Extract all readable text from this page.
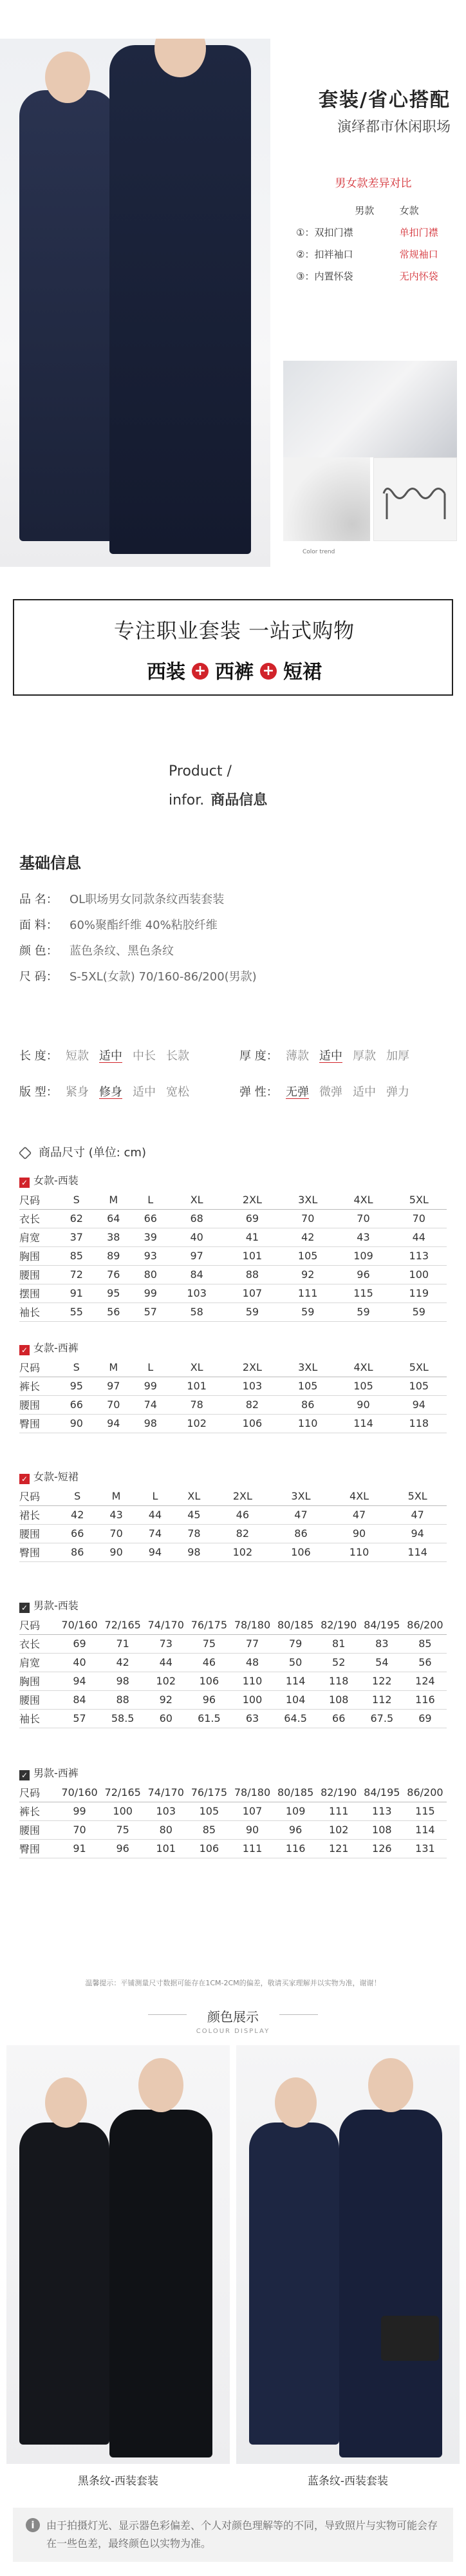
套装/省心搭配
演绎都市休闲职场
男女款差异对比
男款	女款
①：双扣门襟	单扣门襟
②：扣袢袖口	常规袖口
③：内置怀袋	无内怀袋
Color trend
专注职业套装 一站式购物
西装 + 西裤 + 短裙
Product /
infor. 商品信息
基础信息
品 名： OL职场男女同款条纹西装套装
面 料： 60%聚酯纤维 40%粘胶纤维
颜 色： 蓝色条纹、黑色条纹
尺 码： S-5XL(女款) 70/160-86/200(男款)
长 度： 短款 适中 中长 长款	厚 度： 薄款 适中 厚款 加厚
版 型： 紧身 修身 适中 宽松	弹 性： 无弹 微弹 适中 弹力
商品尺寸 (单位: cm)
✓ 女款-西装
尺码	S	M	L	XL	2XL	3XL	4XL	5XL
衣长	62	64	66	68	69	70	70	70
肩宽	37	38	39	40	41	42	43	44
胸围	85	89	93	97	101	105	109	113
腰围	72	76	80	84	88	92	96	100
摆围	91	95	99	103	107	111	115	119
袖长	55	56	57	58	59	59	59	59
✓ 女款-西裤
尺码	S	M	L	XL	2XL	3XL	4XL	5XL
裤长	95	97	99	101	103	105	105	105
腰围	66	70	74	78	82	86	90	94
臀围	90	94	98	102	106	110	114	118
✓ 女款-短裙
尺码	S	M	L	XL	2XL	3XL	4XL	5XL
裙长	42	43	44	45	46	47	47	47
腰围	66	70	74	78	82	86	90	94
臀围	86	90	94	98	102	106	110	114
✓ 男款-西装
尺码	70/160	72/165	74/170	76/175	78/180	80/185	82/190	84/195	86/200
衣长	69	71	73	75	77	79	81	83	85
肩宽	40	42	44	46	48	50	52	54	56
胸围	94	98	102	106	110	114	118	122	124
腰围	84	88	92	96	100	104	108	112	116
袖长	57	58.5	60	61.5	63	64.5	66	67.5	69
✓ 男款-西裤
尺码	70/160	72/165	74/170	76/175	78/180	80/185	82/190	84/195	86/200
裤长	99	100	103	105	107	109	111	113	115
腰围	70	75	80	85	90	96	102	108	114
臀围	91	96	101	106	111	116	121	126	131
温馨提示：平铺测量尺寸数据可能存在1CM-2CM的偏差，敬请买家理解并以实物为准，谢谢！
颜色展示
COLOUR DISPLAY
黑条纹-西装套装	蓝条纹-西装套装
i	由于拍摄灯光、显示器色彩偏差、个人对颜色理解等的不同，导致照片与实物可能会存在一些色差，最终颜色以实物为准。
